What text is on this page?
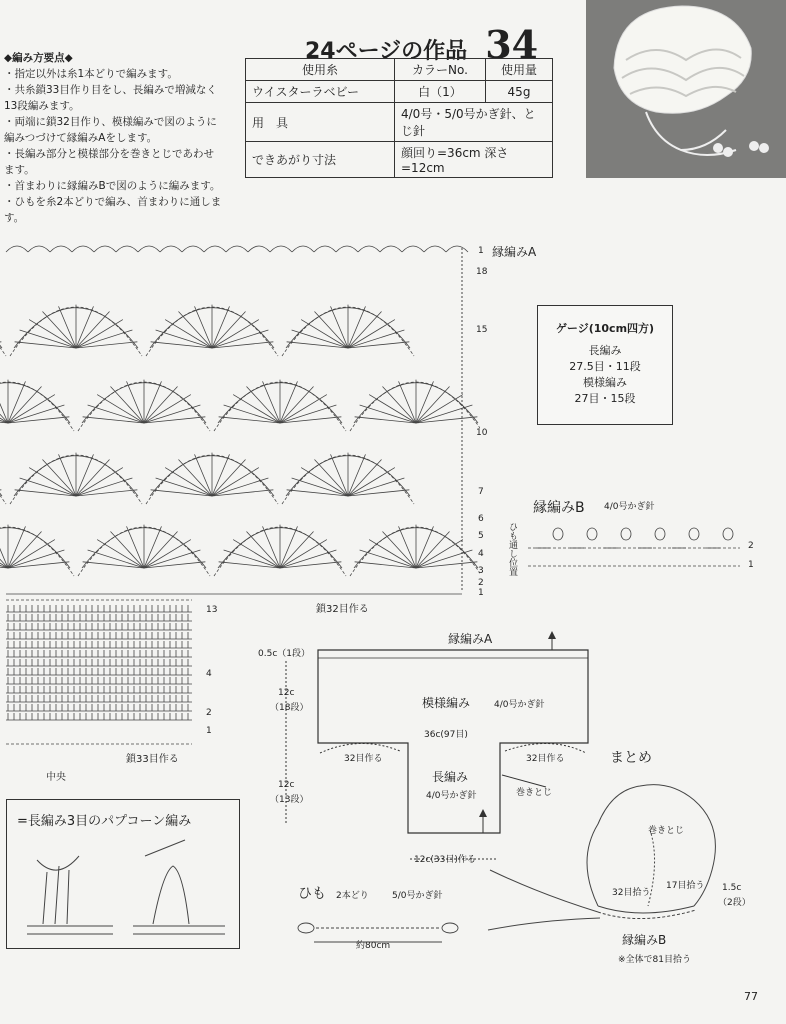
24ページの作品 34
使用糸	カラーNo.	使用量
ウイスターラベビー	白（1）	45g
用　具	4/0号・5/0号かぎ針、とじ針	
できあがり寸法	顔回り=36cm 深さ=12cm	
◆編み方要点◆
・指定以外は糸1本どりで編みます。
・共糸鎖33目作り目をし、長編みで増減なく
13段編みます。
・両端に鎖32目作り、模様編みで図のように
編みつづけて縁編みAをします。
・長編み部分と模様部分を巻きとじであわせ
ます。
・首まわりに縁編みBで図のように編みます。
・ひもを糸2本どりで編み、首まわりに通しま
す。
縁編みA
1
18
15
10
7
6
5
4
3
2
1
鎖32目作る
13
4
2
1
鎖33目作る
中央
ゲージ(10cm四方)
長編み
27.5目・11段
模様編み
27目・15段
縁編みB 4/0号かぎ針
ひも通し位置	2
1
縁編みA
0.5c（1段）
12c
（18段）	模様編み	4/0号かぎ針
36c(97目)
32目作る	32目作る
長編み
4/0号かぎ針
12c
（13段）
12c(33目)作る
巻きとじ
=長編み3目のパプコーン編み
ひも 2本どり	5/0号かぎ針
約80cm
まとめ
巻きとじ
32目拾う
17目拾う 1.5c
（2段）
縁編みB
※全体で81目拾う
77
